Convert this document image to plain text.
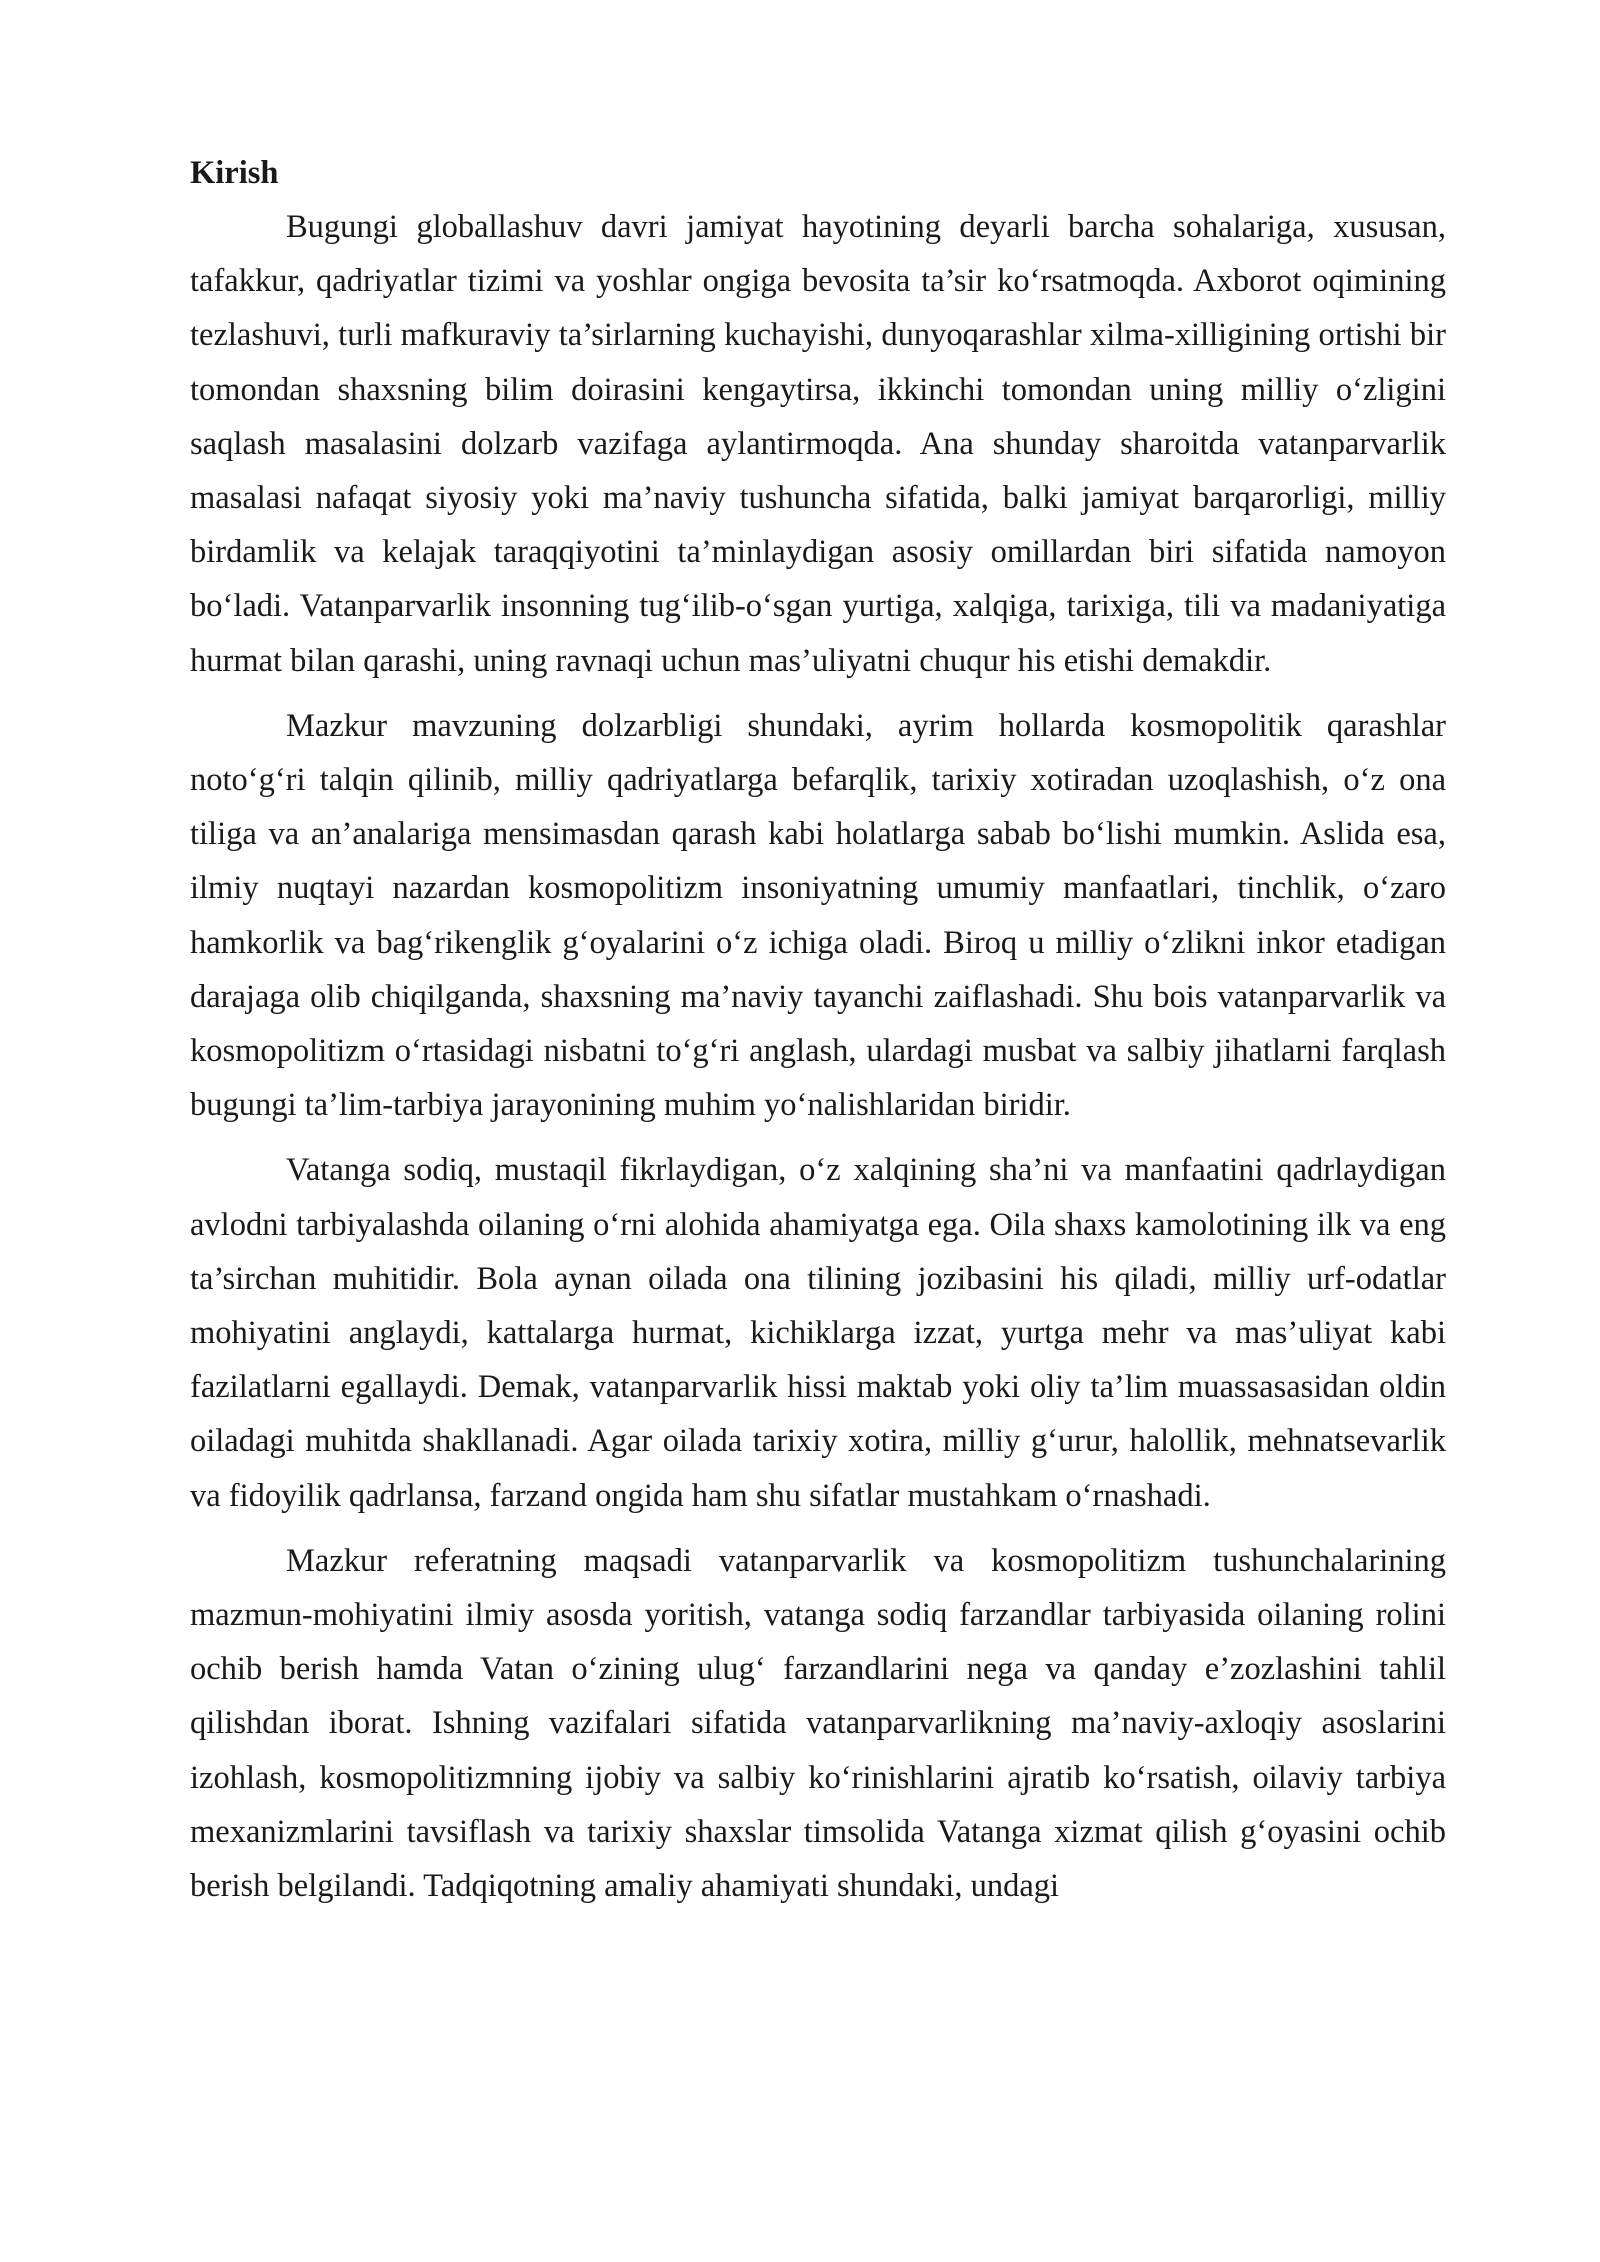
Kirish

Bugungi globallashuv davri jamiyat hayotining deyarli barcha sohalariga, xususan, tafakkur, qadriyatlar tizimi va yoshlar ongiga bevosita ta’sir ko‘rsatmoqda. Axborot oqimining tezlashuvi, turli mafkuraviy ta’sirlarning kuchayishi, dunyoqarashlar xilma-xilligining ortishi bir tomondan shaxsning bilim doirasini kengaytirsa, ikkinchi tomondan uning milliy o‘zligini saqlash masalasini dolzarb vazifaga aylantirmoqda. Ana shunday sharoitda vatanparvarlik masalasi nafaqat siyosiy yoki ma’naviy tushuncha sifatida, balki jamiyat barqarorligi, milliy birdamlik va kelajak taraqqiyotini ta’minlaydigan asosiy omillardan biri sifatida namoyon bo‘ladi. Vatanparvarlik insonning tug‘ilib-o‘sgan yurtiga, xalqiga, tarixiga, tili va madaniyatiga hurmat bilan qarashi, uning ravnaqi uchun mas’uliyatni chuqur his etishi demakdir.

Mazkur mavzuning dolzarbligi shundaki, ayrim hollarda kosmopolitik qarashlar noto‘g‘ri talqin qilinib, milliy qadriyatlarga befarqlik, tarixiy xotiradan uzoqlashish, o‘z ona tiliga va an’analariga mensimasdan qarash kabi holatlarga sabab bo‘lishi mumkin. Aslida esa, ilmiy nuqtayi nazardan kosmopolitizm insoniyatning umumiy manfaatlari, tinchlik, o‘zaro hamkorlik va bag‘rikenglik g‘oyalarini o‘z ichiga oladi. Biroq u milliy o‘zlikni inkor etadigan darajaga olib chiqilganda, shaxsning ma’naviy tayanchi zaiflashadi. Shu bois vatanparvarlik va kosmopolitizm o‘rtasidagi nisbatni to‘g‘ri anglash, ulardagi musbat va salbiy jihatlarni farqlash bugungi ta’lim-tarbiya jarayonining muhim yo‘nalishlaridan biridir.

Vatanga sodiq, mustaqil fikrlaydigan, o‘z xalqining sha’ni va manfaatini qadrlaydigan avlodni tarbiyalashda oilaning o‘rni alohida ahamiyatga ega. Oila shaxs kamolotining ilk va eng ta’sirchan muhitidir. Bola aynan oilada ona tilining jozibasini his qiladi, milliy urf-odatlar mohiyatini anglaydi, kattalarga hurmat, kichiklarga izzat, yurtga mehr va mas’uliyat kabi fazilatlarni egallaydi. Demak, vatanparvarlik hissi maktab yoki oliy ta’lim muassasasidan oldin oiladagi muhitda shakllanadi. Agar oilada tarixiy xotira, milliy g‘urur, halollik, mehnatsevarlik va fidoyilik qadrlansa, farzand ongida ham shu sifatlar mustahkam o‘rnashadi.

Mazkur referatning maqsadi vatanparvarlik va kosmopolitizm tushunchalarining mazmun-mohiyatini ilmiy asosda yoritish, vatanga sodiq farzandlar tarbiyasida oilaning rolini ochib berish hamda Vatan o‘zining ulug‘ farzandlarini nega va qanday e’zozlashini tahlil qilishdan iborat. Ishning vazifalari sifatida vatanparvarlikning ma’naviy-axloqiy asoslarini izohlash, kosmopolitizmning ijobiy va salbiy ko‘rinishlarini ajratib ko‘rsatish, oilaviy tarbiya mexanizmlarini tavsiflash va tarixiy shaxslar timsolida Vatanga xizmat qilish g‘oyasini ochib berish belgilandi. Tadqiqotning amaliy ahamiyati shundaki, undagi
